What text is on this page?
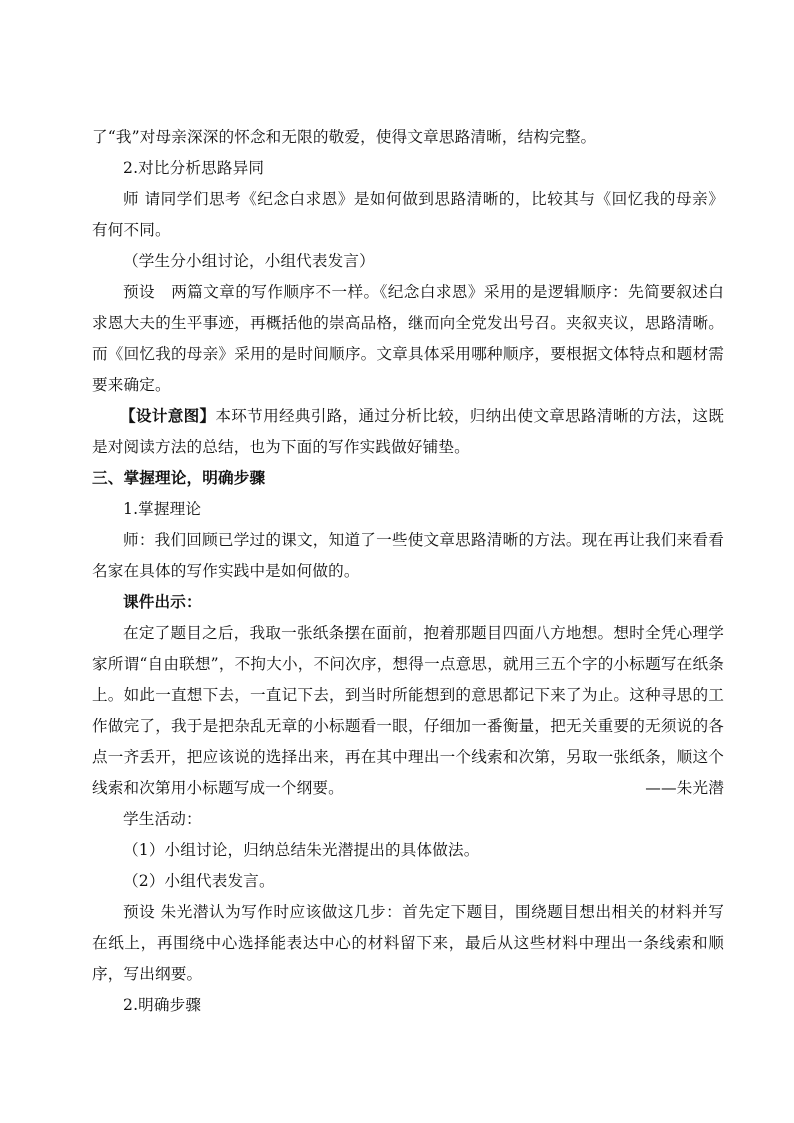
了“我”对母亲深深的怀念和无限的敬爱，使得文章思路清晰，结构完整。

2.对比分析思路异同

师 请同学们思考《纪念白求恩》是如何做到思路清晰的，比较其与《回忆我的母亲》有何不同。

（学生分小组讨论，小组代表发言）

预设 两篇文章的写作顺序不一样。《纪念白求恩》采用的是逻辑顺序：先简要叙述白求恩大夫的生平事迹，再概括他的崇高品格，继而向全党发出号召。夹叙夹议，思路清晰。而《回忆我的母亲》采用的是时间顺序。文章具体采用哪种顺序，要根据文体特点和题材需要来确定。

【设计意图】本环节用经典引路，通过分析比较，归纳出使文章思路清晰的方法，这既是对阅读方法的总结，也为下面的写作实践做好铺垫。

三、掌握理论，明确步骤

1.掌握理论

师：我们回顾已学过的课文，知道了一些使文章思路清晰的方法。现在再让我们来看看名家在具体的写作实践中是如何做的。

课件出示：

在定了题目之后，我取一张纸条摆在面前，抱着那题目四面八方地想。想时全凭心理学家所谓“自由联想”，不拘大小，不问次序，想得一点意思，就用三五个字的小标题写在纸条上。如此一直想下去，一直记下去，到当时所能想到的意思都记下来了为止。这种寻思的工作做完了，我于是把杂乱无章的小标题看一眼，仔细加一番衡量，把无关重要的无须说的各点一齐丢开，把应该说的选择出来，再在其中理出一个线索和次第，另取一张纸条，顺这个线索和次第用小标题写成一个纲要。	——朱光潜

学生活动：

（1）小组讨论，归纳总结朱光潜提出的具体做法。

（2）小组代表发言。

预设 朱光潜认为写作时应该做这几步：首先定下题目，围绕题目想出相关的材料并写在纸上，再围绕中心选择能表达中心的材料留下来，最后从这些材料中理出一条线索和顺序，写出纲要。

2.明确步骤
